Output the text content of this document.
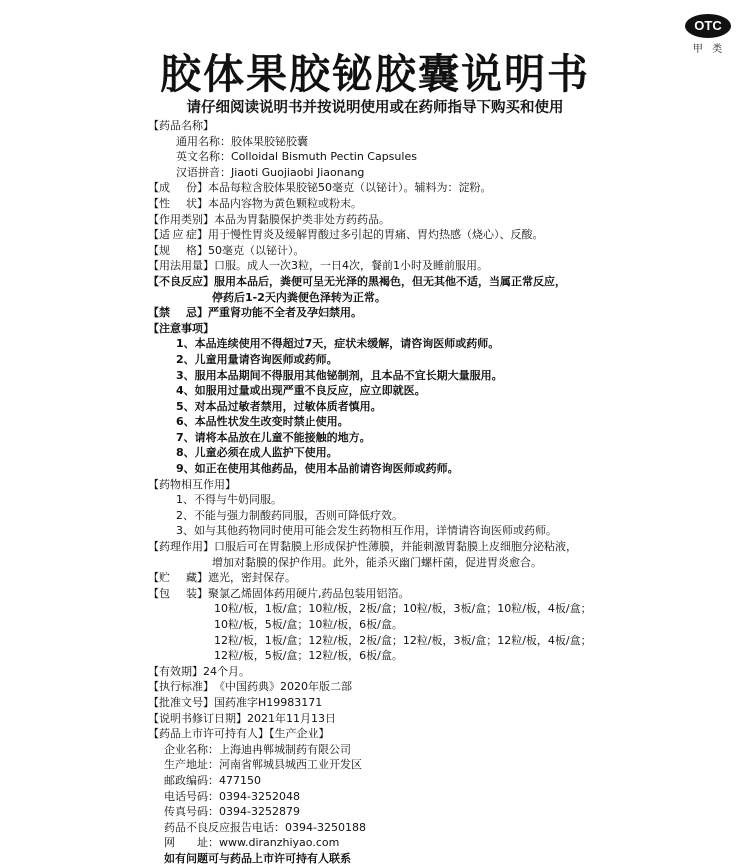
OTC
甲 类
胶体果胶铋胶囊说明书
请仔细阅读说明书并按说明使用或在药师指导下购买和使用
【药品名称】
通用名称： 胶体果胶铋胶囊
英文名称： Colloidal Bismuth Pectin Capsules
汉语拼音： Jiaoti Guojiaobi Jiaonang
【成 份】 本品每粒含胶体果胶铋50毫克（以铋计）。辅料为：淀粉。
【性 状】 本品内容物为黄色颗粒或粉末。
【作用类别】 本品为胃黏膜保护类非处方药药品。
【适 应 症】 用于慢性胃炎及缓解胃酸过多引起的胃痛、胃灼热感（烧心）、反酸。
【规 格】 50毫克（以铋计）。
【用法用量】 口服。成人一次3粒，一日4次，餐前1小时及睡前服用。
【不良反应】 服用本品后，粪便可呈无光泽的黑褐色，但无其他不适，当属正常反应，
停药后1-2天内粪便色泽转为正常。
【禁 忌】 严重肾功能不全者及孕妇禁用。
【注意事项】
1、本品连续使用不得超过7天，症状未缓解，请咨询医师或药师。
2、儿童用量请咨询医师或药师。
3、服用本品期间不得服用其他铋制剂，且本品不宜长期大量服用。
4、如服用过量或出现严重不良反应，应立即就医。
5、对本品过敏者禁用，过敏体质者慎用。
6、本品性状发生改变时禁止使用。
7、请将本品放在儿童不能接触的地方。
8、儿童必须在成人监护下使用。
9、如正在使用其他药品，使用本品前请咨询医师或药师。
【药物相互作用】
1、不得与牛奶同服。
2、不能与强力制酸药同服，否则可降低疗效。
3、如与其他药物同时使用可能会发生药物相互作用，详情请咨询医师或药师。
【药理作用】 口服后可在胃黏膜上形成保护性薄膜，并能刺激胃黏膜上皮细胞分泌粘液，
增加对黏膜的保护作用。此外，能杀灭幽门螺杆菌，促进胃炎愈合。
【贮 藏】 遮光，密封保存。
【包 装】 聚氯乙烯固体药用硬片,药品包装用铝箔。
10粒/板，1板/盒；10粒/板，2板/盒；10粒/板，3板/盒；10粒/板，4板/盒；
10粒/板，5板/盒；10粒/板，6板/盒。
12粒/板，1板/盒；12粒/板，2板/盒；12粒/板，3板/盒；12粒/板，4板/盒；
12粒/板，5板/盒；12粒/板，6板/盒。
【有效期】 24个月。
【执行标准】 《中国药典》2020年版二部
【批准文号】 国药准字H19983171
【说明书修订日期】 2021年11月13日
【药品上市许可持有人】【生产企业】
企业名称： 上海迪冉郸城制药有限公司
生产地址： 河南省郸城县城西工业开发区
邮政编码： 477150
电话号码： 0394-3252048
传真号码： 0394-3252879
药品不良反应报告电话： 0394-3250188
网　　址： www.diranzhiyao.com
如有问题可与药品上市许可持有人联系
